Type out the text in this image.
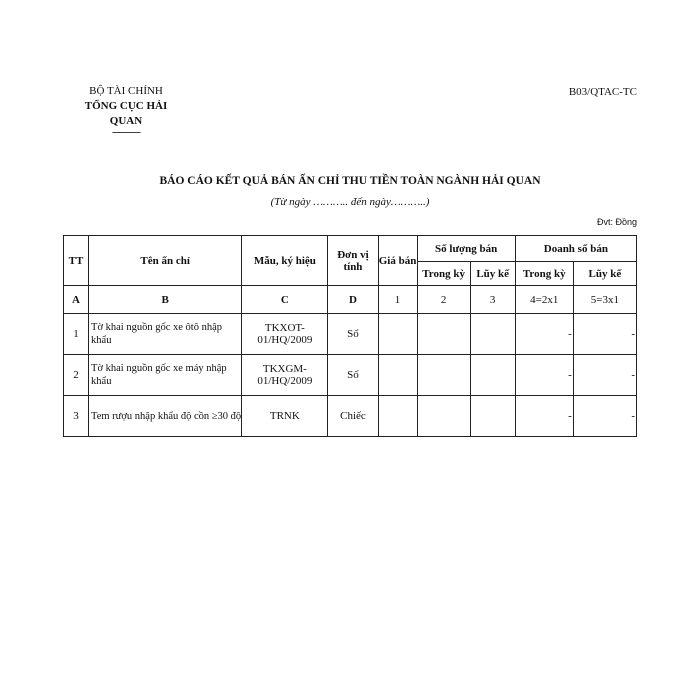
BỘ TÀI CHÍNH
TỔNG CỤC HẢI QUAN
------------
B03/QTAC-TC
BÁO CÁO KẾT QUẢ BÁN ẤN CHỈ THU TIỀN TOÀN NGÀNH HẢI QUAN
(Từ ngày ……….. đến ngày………..)
Đvt: Đồng
TT	Tên ấn chỉ	Mẫu, ký hiệu	Đơn vị tính	Giá bán	Số lượng bán		Doanh số bán	
					Trong kỳ	Lũy kế	Trong kỳ	Lũy kế
A	B	C	D	1	2	3	4=2x1	5=3x1
1	Tờ khai nguồn gốc xe ôtô nhập khẩu	TKXOT-01/HQ/2009	Số				-	-
2	Tờ khai nguồn gốc xe máy nhập khẩu	TKXGM-01/HQ/2009	Số				-	-
3	Tem rượu nhập khẩu độ cồn ≥30 độ	TRNK	Chiếc				-	-
